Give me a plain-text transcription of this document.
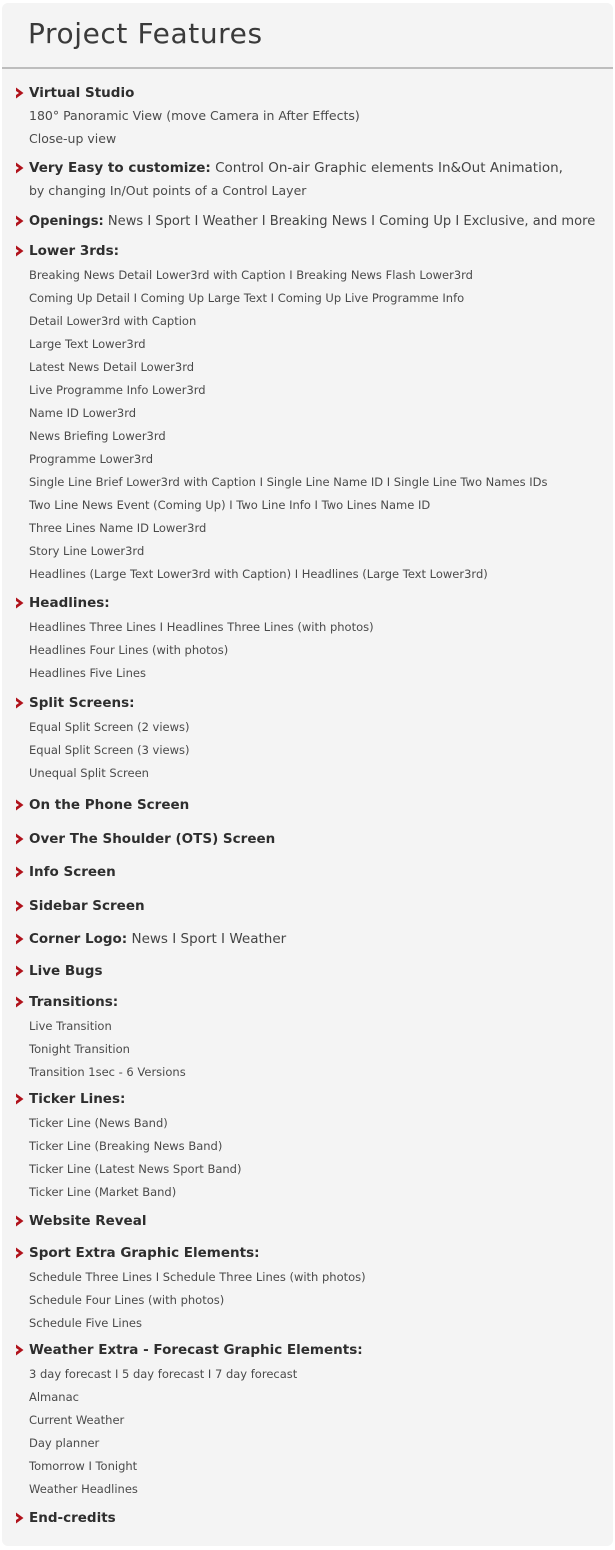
Project Features
Virtual Studio
180° Panoramic View (move Camera in After Effects)
Close-up view
Very Easy to customize: Control On-air Graphic elements In&Out Animation,
by changing In/Out points of a Control Layer
Openings: News I Sport I Weather I Breaking News I Coming Up I Exclusive, and more
Lower 3rds:
Breaking News Detail Lower3rd with Caption I Breaking News Flash Lower3rd
Coming Up Detail I Coming Up Large Text I Coming Up Live Programme Info
Detail Lower3rd with Caption
Large Text Lower3rd
Latest News Detail Lower3rd
Live Programme Info Lower3rd
Name ID Lower3rd
News Briefing Lower3rd
Programme Lower3rd
Single Line Brief Lower3rd with Caption I Single Line Name ID I Single Line Two Names IDs
Two Line News Event (Coming Up) I Two Line Info I Two Lines Name ID
Three Lines Name ID Lower3rd
Story Line Lower3rd
Headlines (Large Text Lower3rd with Caption) I Headlines (Large Text Lower3rd)
Headlines:
Headlines Three Lines I Headlines Three Lines (with photos)
Headlines Four Lines (with photos)
Headlines Five Lines
Split Screens:
Equal Split Screen (2 views)
Equal Split Screen (3 views)
Unequal Split Screen
On the Phone Screen
Over The Shoulder (OTS) Screen
Info Screen
Sidebar Screen
Corner Logo: News I Sport I Weather
Live Bugs
Transitions:
Live Transition
Tonight Transition
Transition 1sec - 6 Versions
Ticker Lines:
Ticker Line (News Band)
Ticker Line (Breaking News Band)
Ticker Line (Latest News Sport Band)
Ticker Line (Market Band)
Website Reveal
Sport Extra Graphic Elements:
Schedule Three Lines I Schedule Three Lines (with photos)
Schedule Four Lines (with photos)
Schedule Five Lines
Weather Extra - Forecast Graphic Elements:
3 day forecast I 5 day forecast I 7 day forecast
Almanac
Current Weather
Day planner
Tomorrow I Tonight
Weather Headlines
End-credits
